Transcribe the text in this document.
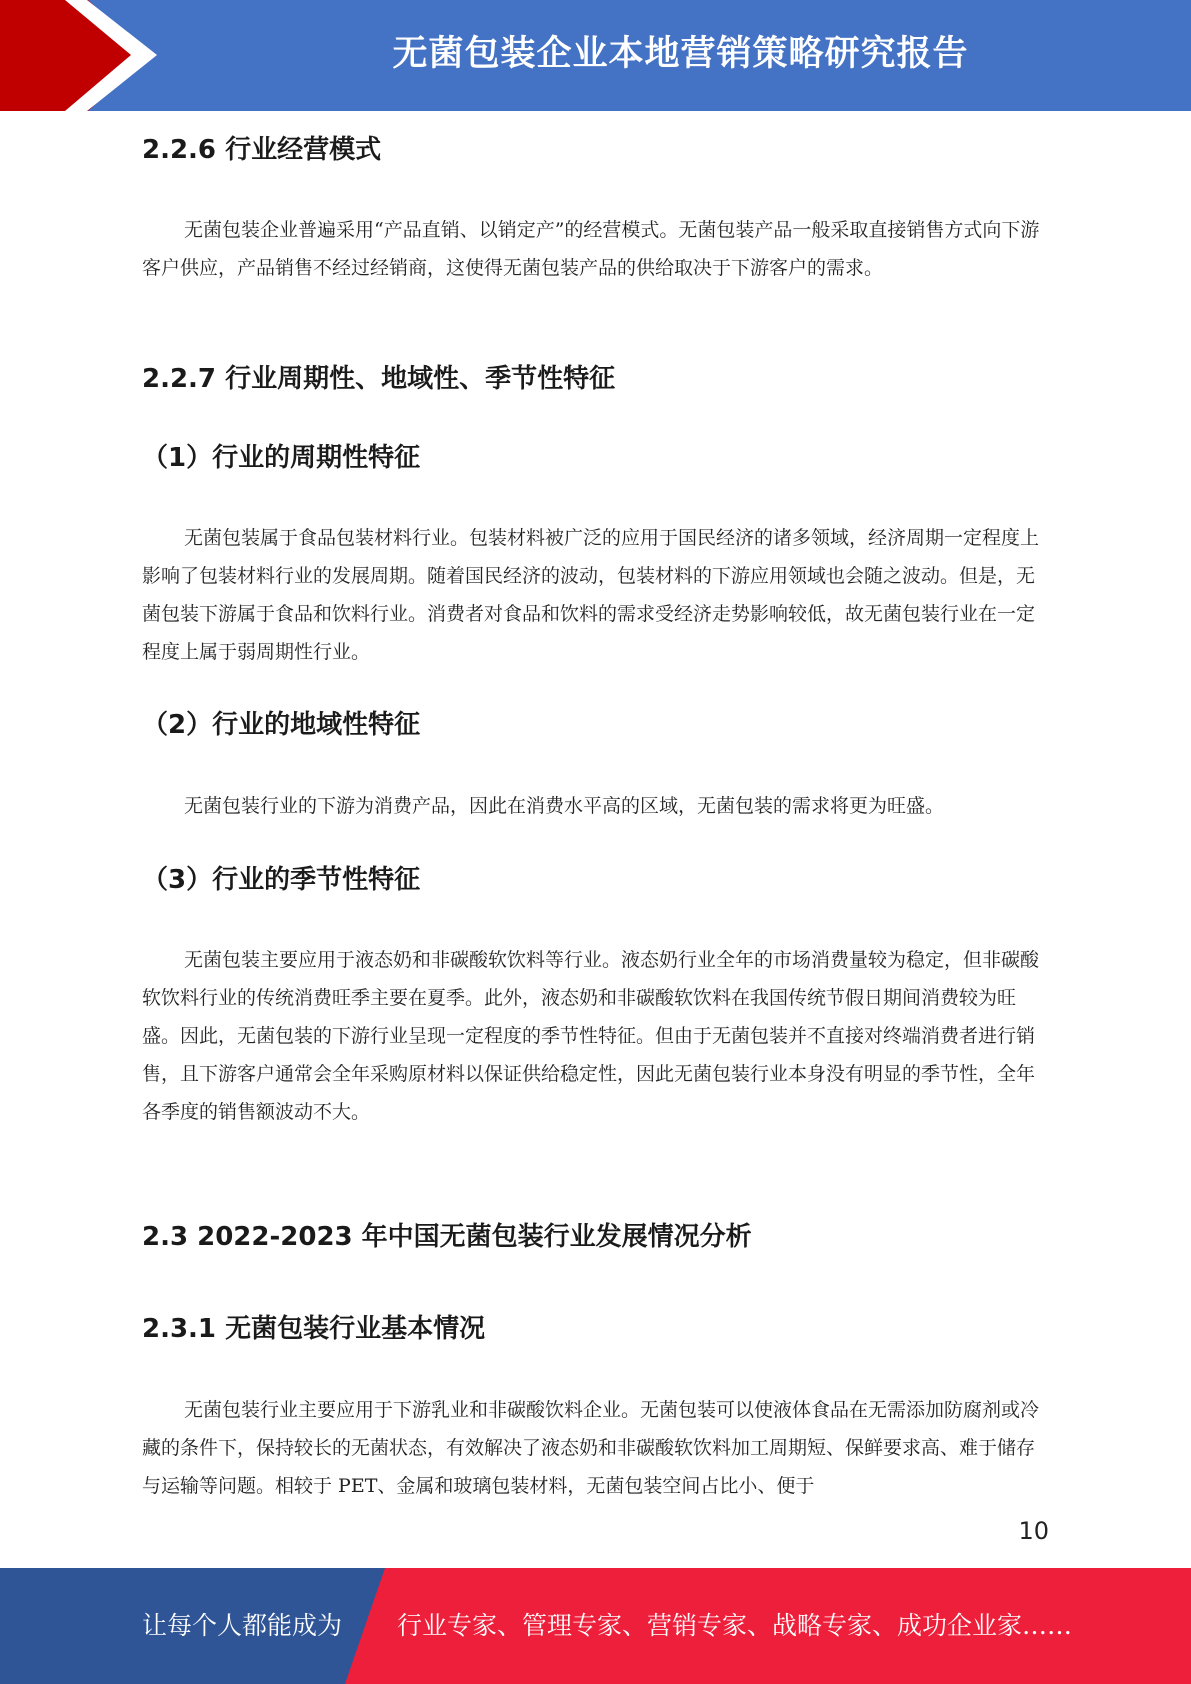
无菌包装企业本地营销策略研究报告
2.2.6 行业经营模式

无菌包装企业普遍采用“产品直销、以销定产”的经营模式。无菌包装产品一般采取直接销售方式向下游客户供应，产品销售不经过经销商，这使得无菌包装产品的供给取决于下游客户的需求。

2.2.7 行业周期性、地域性、季节性特征
（1）行业的周期性特征

无菌包装属于食品包装材料行业。包装材料被广泛的应用于国民经济的诸多领域，经济周期一定程度上影响了包装材料行业的发展周期。随着国民经济的波动，包装材料的下游应用领域也会随之波动。但是，无菌包装下游属于食品和饮料行业。消费者对食品和饮料的需求受经济走势影响较低，故无菌包装行业在一定程度上属于弱周期性行业。

（2）行业的地域性特征

无菌包装行业的下游为消费产品，因此在消费水平高的区域，无菌包装的需求将更为旺盛。

（3）行业的季节性特征

无菌包装主要应用于液态奶和非碳酸软饮料等行业。液态奶行业全年的市场消费量较为稳定，但非碳酸软饮料行业的传统消费旺季主要在夏季。此外，液态奶和非碳酸软饮料在我国传统节假日期间消费较为旺盛。因此，无菌包装的下游行业呈现一定程度的季节性特征。但由于无菌包装并不直接对终端消费者进行销售，且下游客户通常会全年采购原材料以保证供给稳定性，因此无菌包装行业本身没有明显的季节性，全年各季度的销售额波动不大。

2.3 2022-2023 年中国无菌包装行业发展情况分析
2.3.1 无菌包装行业基本情况

无菌包装行业主要应用于下游乳业和非碳酸饮料企业。无菌包装可以使液体食品在无需添加防腐剂或冷藏的条件下，保持较长的无菌状态，有效解决了液态奶和非碳酸软饮料加工周期短、保鲜要求高、难于储存与运输等问题。相较于 PET、金属和玻璃包装材料，无菌包装空间占比小、便于

10
让每个人都能成为 行业专家、管理专家、营销专家、战略专家、成功企业家……
